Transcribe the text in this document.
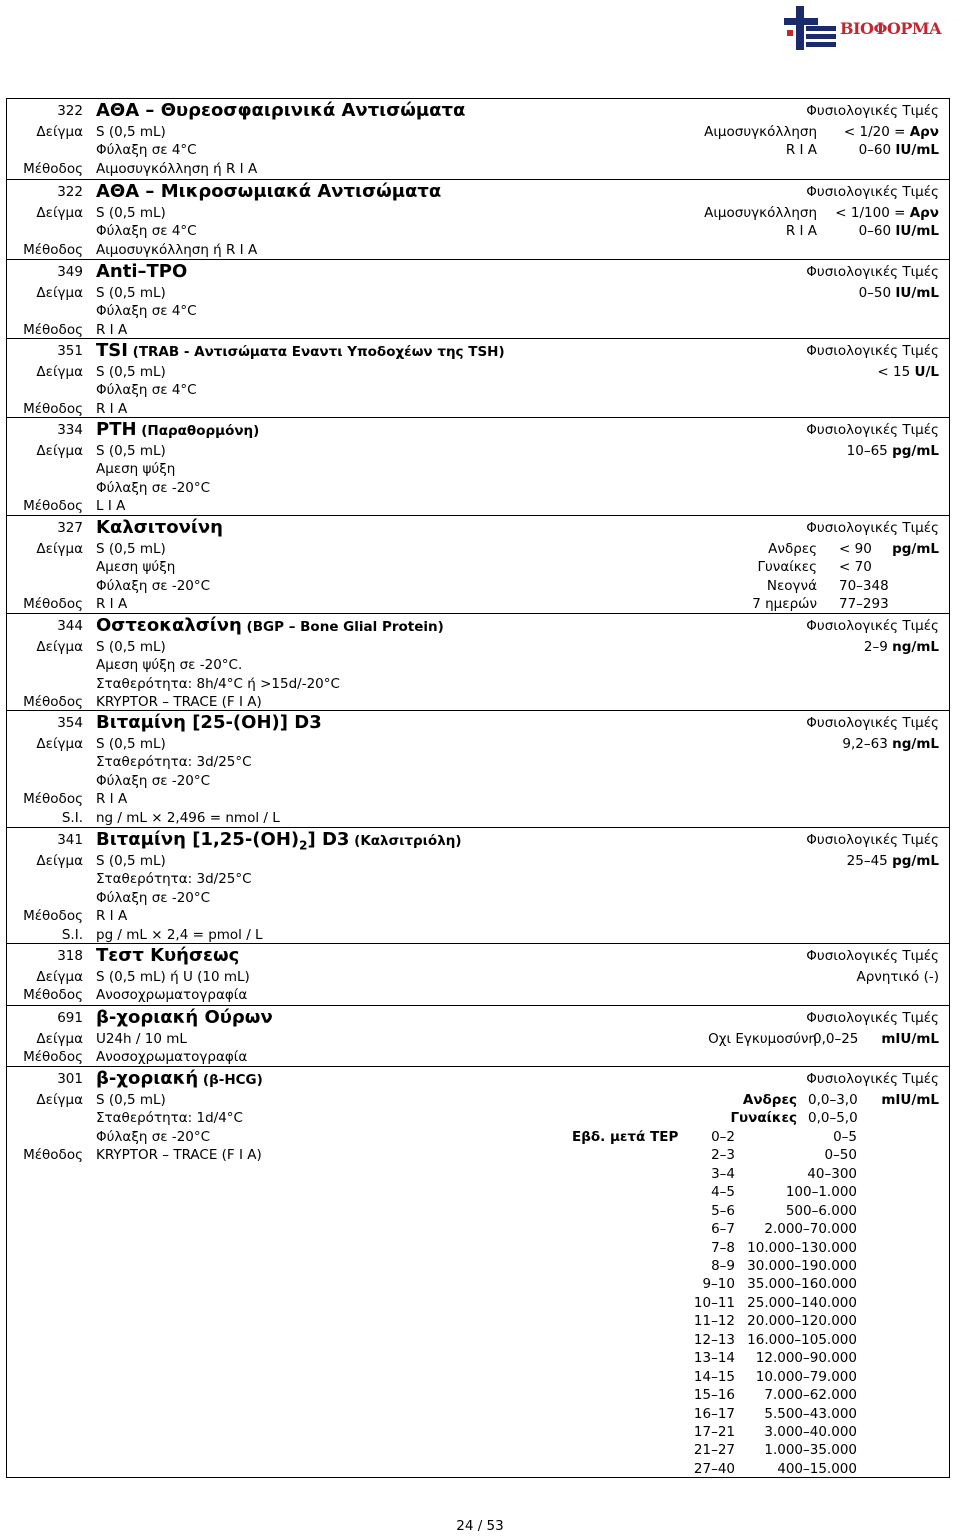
ΒΙΟΦΟΡΜΑ
322 ΑΘΑ – Θυρεοσφαιρινικά Αντισώματα	Φυσιολογικές Τιμές
Δείγμα S (0,5 mL)
Φύλαξη σε 4°C
Μέθοδος Αιμοσυγκόλληση ή R I A
Αιμοσυγκόλληση < 1/20 = Αρν
R I A	0–60 IU/mL
322 ΑΘΑ – Μικροσωμιακά Αντισώματα	Φυσιολογικές Τιμές
Δείγμα S (0,5 mL)
Φύλαξη σε 4°C
Μέθοδος Αιμοσυγκόλληση ή R I A
Αιμοσυγκόλληση < 1/100 = Αρν
R I A	0–60 IU/mL
349 Anti–TPO	Φυσιολογικές Τιμές
Δείγμα S (0,5 mL)
Φύλαξη σε 4°C
Μέθοδος R I A
0–50 IU/mL
351 TSI (TRAB - Αντισώματα Εναντι Υποδοχέων της TSH)	Φυσιολογικές Τιμές
Δείγμα S (0,5 mL)
Φύλαξη σε 4°C
Μέθοδος R I A
< 15 U/L
334 PTH (Παραθορμόνη)	Φυσιολογικές Τιμές
Δείγμα S (0,5 mL)
Αμεση ψύξη
Φύλαξη σε -20°C
Μέθοδος L I A
10–65 pg/mL
327 Καλσιτονίνη	Φυσιολογικές Τιμές
Δείγμα S (0,5 mL)
Αμεση ψύξη
Φύλαξη σε -20°C
Μέθοδος R I A
Ανδρες < 90
Γυναίκες < 70
Νεογνά 70–348
7 ημερών 77–293
pg/mL
344 Οστεοκαλσίνη (BGP – Bone Glial Protein)	Φυσιολογικές Τιμές
Δείγμα S (0,5 mL)
Αμεση ψύξη σε -20°C.
Σταθερότητα: 8h/4°C ή >15d/-20°C
Μέθοδος KRYPTOR – TRACE (F I A)
2–9 ng/mL
354 Βιταμίνη [25-(OH)] D3	Φυσιολογικές Τιμές
Δείγμα S (0,5 mL)
Σταθερότητα: 3d/25°C
Φύλαξη σε -20°C
Μέθοδος R I A
S.I. ng / mL × 2,496 = nmol / L
9,2–63 ng/mL
341 Βιταμίνη $[1,25-(OH)_2]$ D3 (Καλσιτριόλη)	Φυσιολογικές Τιμές
Δείγμα S (0,5 mL)
Σταθερότητα: 3d/25°C
Φύλαξη σε -20°C
Μέθοδος R I A
S.I. pg / mL × 2,4 = pmol / L
25–45 pg/mL
318 Τεστ Κυήσεως	Φυσιολογικές Τιμές
Δείγμα S (0,5 mL) ή U (10 mL)
Μέθοδος Ανοσοχρωματογραφία
Αρνητικό (-)
691 β-χοριακή Ούρων	Φυσιολογικές Τιμές
Δείγμα U24h / 10 mL
Μέθοδος Ανοσοχρωματογραφία
Οχι Εγκυμοσύνη
0,0–25 mIU/mL
301 β-χοριακή (β-HCG)	Φυσιολογικές Τιμές
Δείγμα S (0,5 mL)
Σταθερότητα: 1d/4°C
Φύλαξη σε -20°C
Μέθοδος KRYPTOR – TRACE (F I A)
Ανδρες 0,0–3,0
Γυναίκες 0,0–5,0
mIU/mL
Εβδ. μετά ΤΕΡ 0–2	0–5
2–3	0–50
3–4	40–300
4–5	100–1.000
5–6	500–6.000
6–7 2.000–70.000
7–8 10.000–130.000
8–9 30.000–190.000
9–10 35.000–160.000
10–11 25.000–140.000
11–12 20.000–120.000
12–13 16.000–105.000
13–14 12.000–90.000
14–15 10.000–79.000
15–16 7.000–62.000
16–17 5.500–43.000
17–21 3.000–40.000
21–27 1.000–35.000
27–40	400–15.000
24 / 53
